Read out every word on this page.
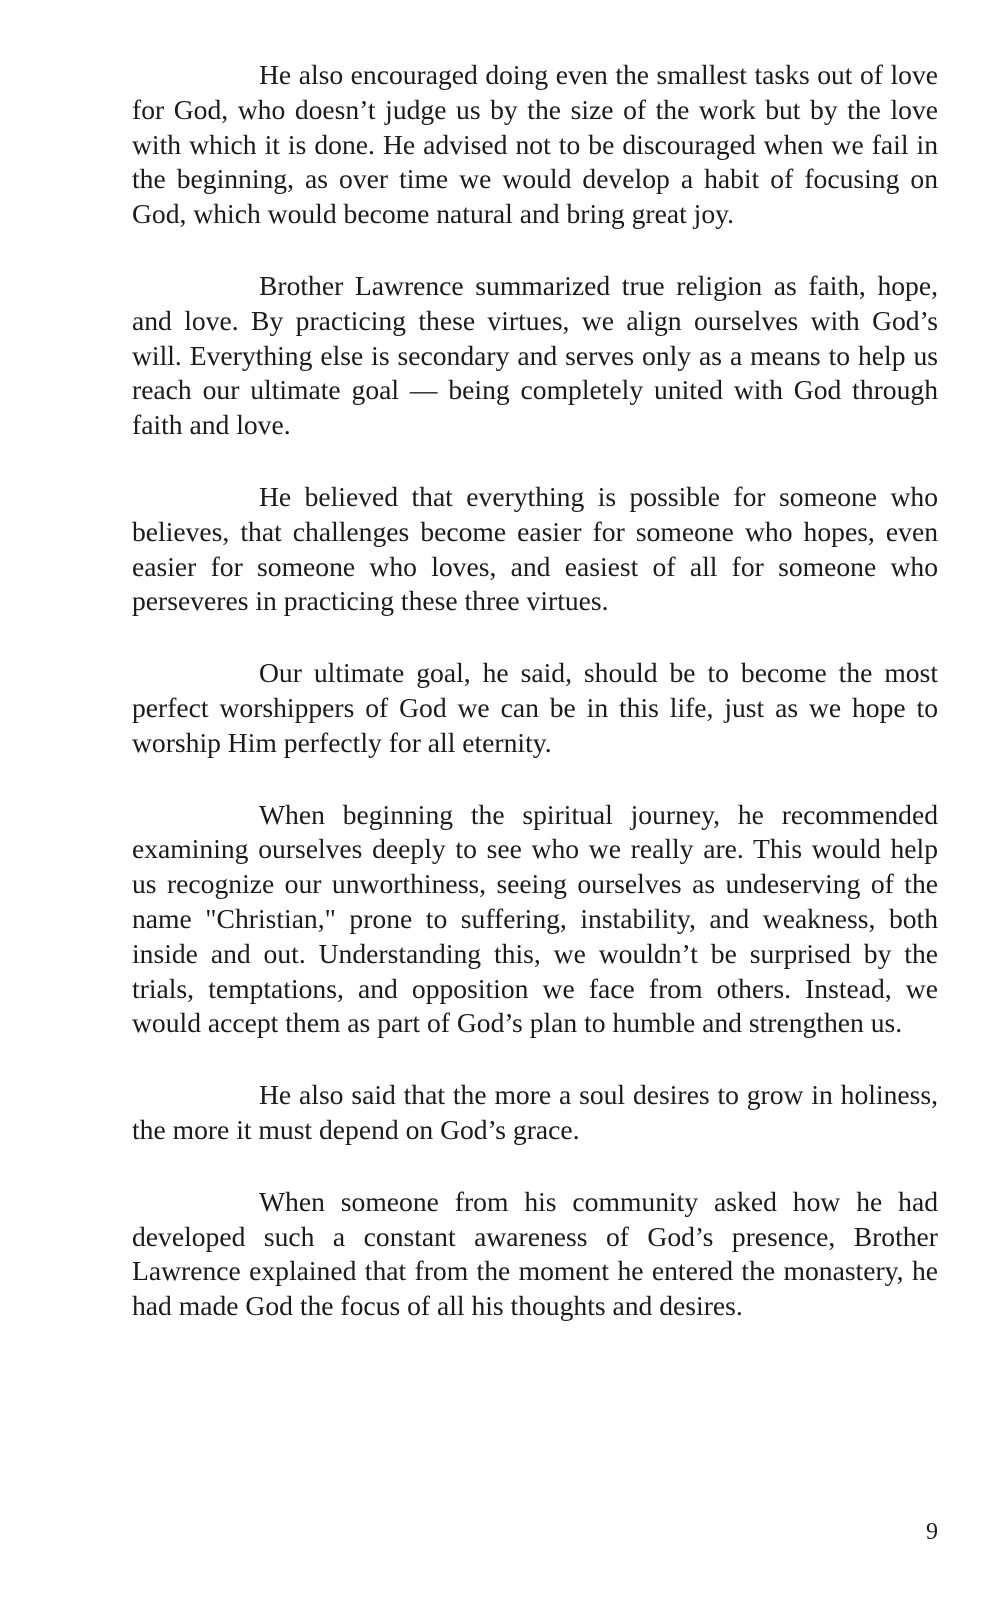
He also encouraged doing even the smallest tasks out of love for God, who doesn’t judge us by the size of the work but by the love with which it is done. He advised not to be discouraged when we fail in the beginning, as over time we would develop a habit of focusing on God, which would become natural and bring great joy.

Brother Lawrence summarized true religion as faith, hope, and love. By practicing these virtues, we align ourselves with God’s will. Everything else is secondary and serves only as a means to help us reach our ultimate goal — being completely united with God through faith and love.

He believed that everything is possible for someone who believes, that challenges become easier for someone who hopes, even easier for someone who loves, and easiest of all for someone who perseveres in practicing these three virtues.

Our ultimate goal, he said, should be to become the most perfect worshippers of God we can be in this life, just as we hope to worship Him perfectly for all eternity.

When beginning the spiritual journey, he recommended examining ourselves deeply to see who we really are. This would help us recognize our unworthiness, seeing ourselves as undeserving of the name "Christian," prone to suffering, instability, and weakness, both inside and out. Understanding this, we wouldn’t be surprised by the trials, temptations, and opposition we face from others. Instead, we would accept them as part of God’s plan to humble and strengthen us.

He also said that the more a soul desires to grow in holiness, the more it must depend on God’s grace.

When someone from his community asked how he had developed such a constant awareness of God’s presence, Brother Lawrence explained that from the moment he entered the monastery, he had made God the focus of all his thoughts and desires.

9
